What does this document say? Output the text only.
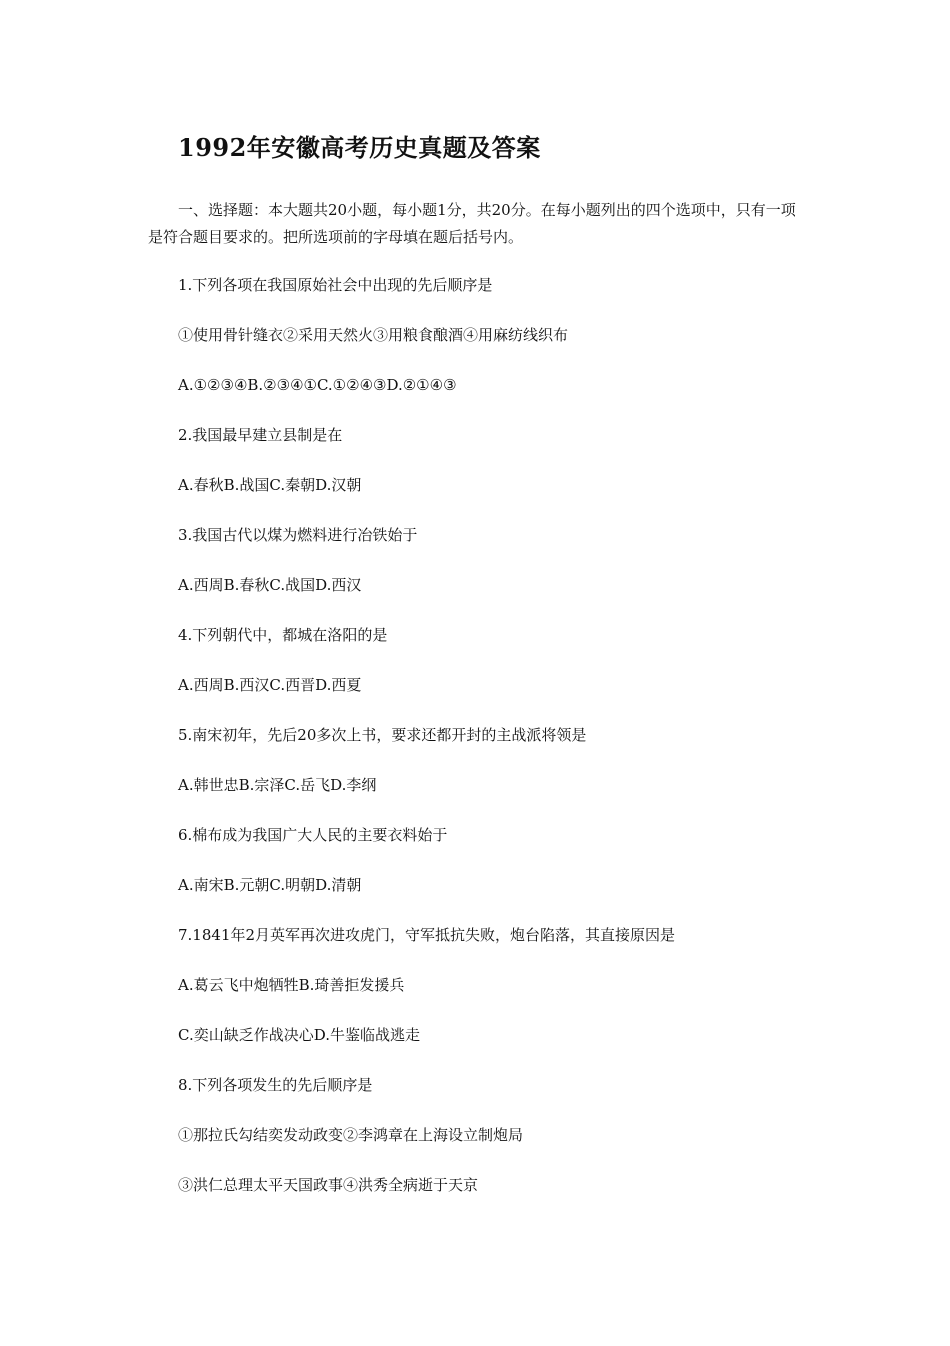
1992年安徽高考历史真题及答案

一、选择题：本大题共20小题，每小题1分，共20分。在每小题列出的四个选项中，只有一项是符合题目要求的。把所选项前的字母填在题后括号内。

1.下列各项在我国原始社会中出现的先后顺序是

①使用骨针缝衣②采用天然火③用粮食酿酒④用麻纺线织布

A.①②③④B.②③④①C.①②④③D.②①④③

2.我国最早建立县制是在

A.春秋B.战国C.秦朝D.汉朝

3.我国古代以煤为燃料进行冶铁始于

A.西周B.春秋C.战国D.西汉

4.下列朝代中，都城在洛阳的是

A.西周B.西汉C.西晋D.西夏

5.南宋初年，先后20多次上书，要求还都开封的主战派将领是

A.韩世忠B.宗泽C.岳飞D.李纲

6.棉布成为我国广大人民的主要衣料始于

A.南宋B.元朝C.明朝D.清朝

7.1841年2月英军再次进攻虎门，守军抵抗失败，炮台陷落，其直接原因是

A.葛云飞中炮牺牲B.琦善拒发援兵

C.奕山缺乏作战决心D.牛鉴临战逃走

8.下列各项发生的先后顺序是

①那拉氏勾结奕发动政变②李鸿章在上海设立制炮局

③洪仁总理太平天国政事④洪秀全病逝于天京
